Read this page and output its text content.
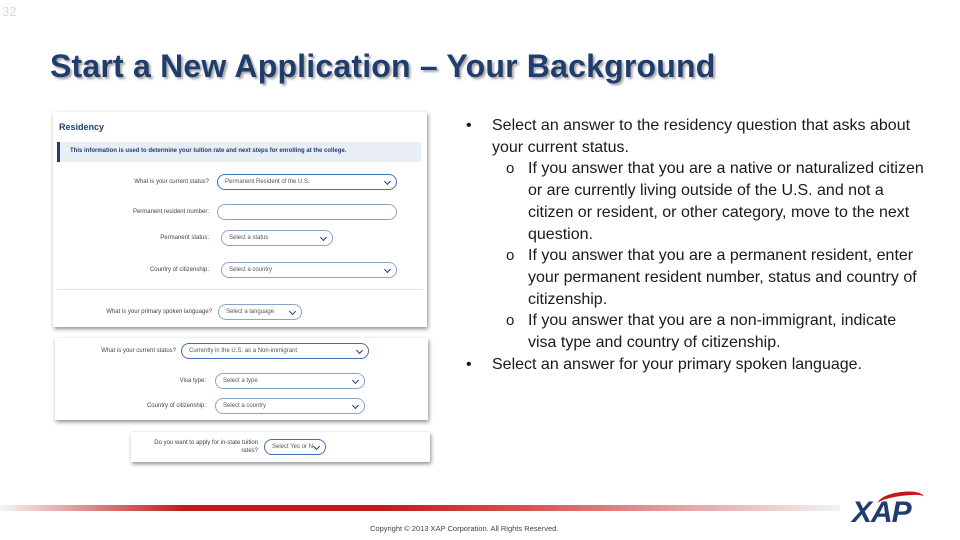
32
Start a New Application – Your Background
Residency
This information is used to determine your tuition rate and next steps for enrolling at the college.
What is your current status?	Permanent Resident of the U.S.
Permanent resident number:
Permanent status:	Select a status
Country of citizenship:	Select a country
What is your primary spoken language?	Select a language
What is your current status?	Currently in the U.S. as a Non-immigrant
Visa type:	Select a type
Country of citizenship:	Select a country
Do you want to apply for in-state tuition
rates?
Select Yes or N

• Select an answer to the residency question that asks about your current status.

o If you answer that you are a native or naturalized citizen or are currently living outside of the U.S. and not a citizen or resident, or other category, move to the next question.

o If you answer that you are a permanent resident, enter your permanent resident number, status and country of citizenship.

o If you answer that you are a non-immigrant, indicate visa type and country of citizenship.

• Select an answer for your primary spoken language.

Copyright © 2013 XAP Corporation. All Rights Reserved.	XAP
